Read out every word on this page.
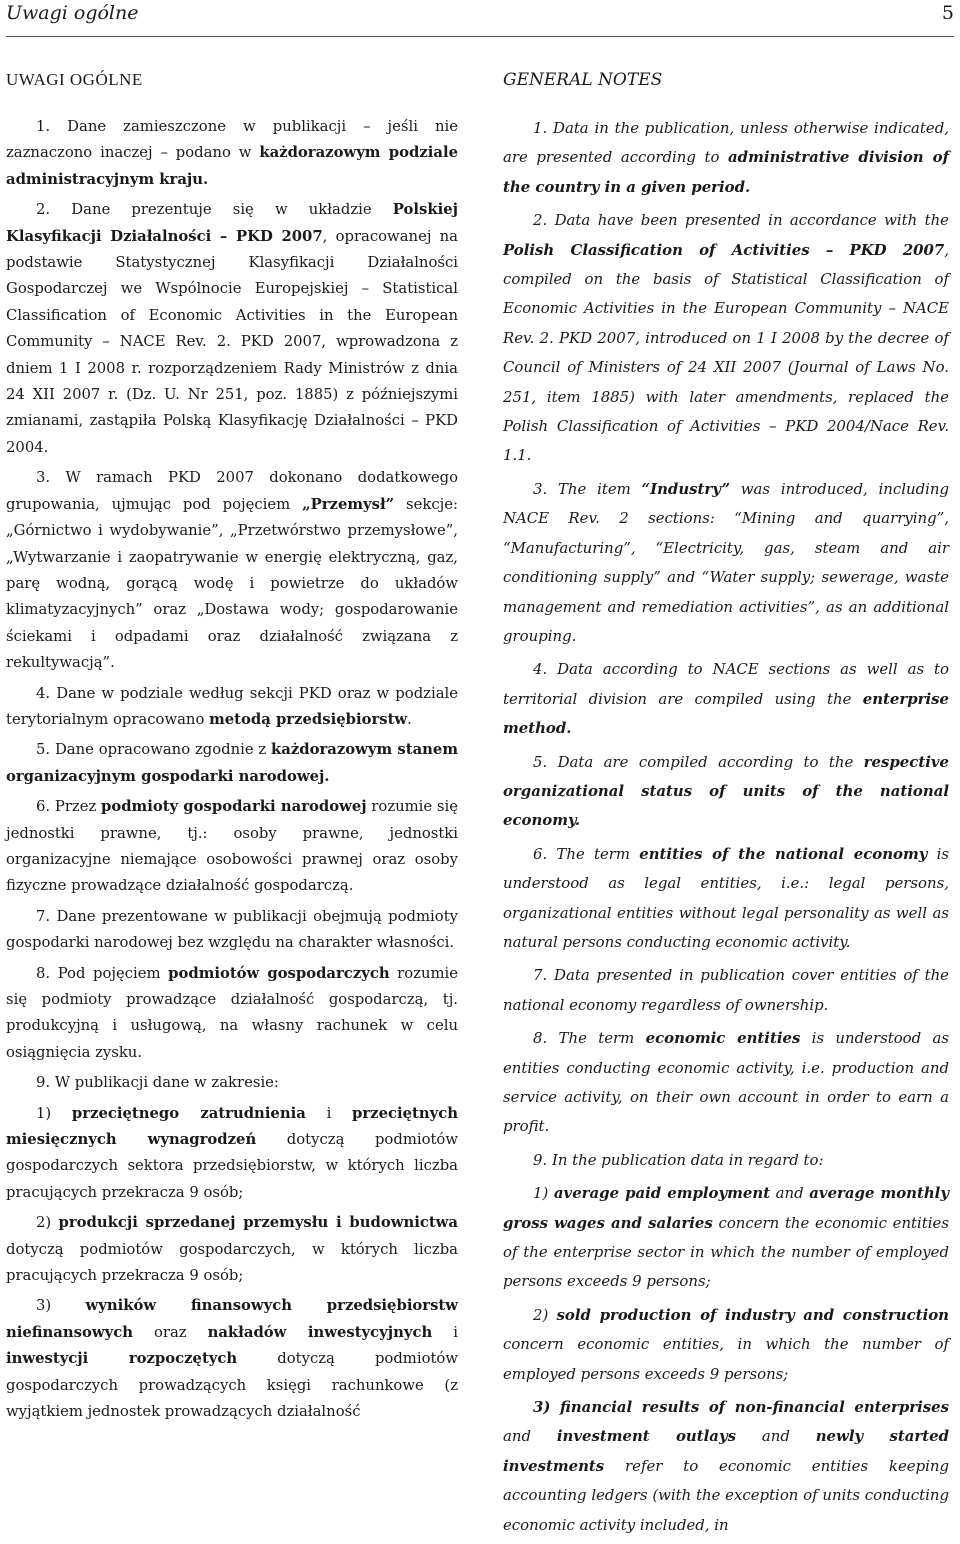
Uwagi ogólne	5
UWAGI OGÓLNE

1. Dane zamieszczone w publikacji – jeśli nie zaznaczono inaczej – podano w każdorazowym podziale administracyjnym kraju.

2. Dane prezentuje się w układzie Polskiej Klasyfikacji Działalności – PKD 2007, opracowanej na podstawie Statystycznej Klasyfikacji Działalności Gospodarczej we Wspólnocie Europejskiej – Statistical Classification of Economic Activities in the European Community – NACE Rev. 2. PKD 2007, wprowadzona z dniem 1 I 2008 r. rozporządzeniem Rady Ministrów z dnia 24 XII 2007 r. (Dz. U. Nr 251, poz. 1885) z późniejszymi zmianami, zastąpiła Polską Klasyfikację Działalności – PKD 2004.

3. W ramach PKD 2007 dokonano dodatkowego grupowania, ujmując pod pojęciem „Przemysł” sekcje: „Górnictwo i wydobywanie”, „Przetwórstwo przemysłowe”, „Wytwarzanie i zaopatrywanie w energię elektryczną, gaz, parę wodną, gorącą wodę i powietrze do układów klimatyzacyjnych” oraz „Dostawa wody; gospodarowanie ściekami i odpadami oraz działalność związana z rekultywacją”.

4. Dane w podziale według sekcji PKD oraz w podziale terytorialnym opracowano metodą przedsiębiorstw.

5. Dane opracowano zgodnie z każdorazowym stanem organizacyjnym gospodarki narodowej.

6. Przez podmioty gospodarki narodowej rozumie się jednostki prawne, tj.: osoby prawne, jednostki organizacyjne niemające osobowości prawnej oraz osoby fizyczne prowadzące działalność gospodarczą.

7. Dane prezentowane w publikacji obejmują podmioty gospodarki narodowej bez względu na charakter własności.

8. Pod pojęciem podmiotów gospodarczych rozumie się podmioty prowadzące działalność gospodarczą, tj. produkcyjną i usługową, na własny rachunek w celu osiągnięcia zysku.

9. W publikacji dane w zakresie:

1) przeciętnego zatrudnienia i przeciętnych miesięcznych wynagrodzeń dotyczą podmiotów gospodarczych sektora przedsiębiorstw, w których liczba pracujących przekracza 9 osób;

2) produkcji sprzedanej przemysłu i budownictwa dotyczą podmiotów gospodarczych, w których liczba pracujących przekracza 9 osób;

3) wyników finansowych przedsiębiorstw niefinansowych oraz nakładów inwestycyjnych i inwestycji rozpoczętych dotyczą podmiotów gospodarczych prowadzących księgi rachunkowe (z wyjątkiem jednostek prowadzących działalność

GENERAL NOTES

1. Data in the publication, unless otherwise indicated, are presented according to administrative division of the country in a given period.

2. Data have been presented in accordance with the Polish Classification of Activities – PKD 2007, compiled on the basis of Statistical Classification of Economic Activities in the European Community – NACE Rev. 2. PKD 2007, introduced on 1 I 2008 by the decree of Council of Ministers of 24 XII 2007 (Journal of Laws No. 251, item 1885) with later amendments, replaced the Polish Classification of Activities – PKD 2004/Nace Rev. 1.1.

3. The item “Industry” was introduced, including NACE Rev. 2 sections: “Mining and quarrying”, “Manufacturing”, “Electricity, gas, steam and air conditioning supply” and “Water supply; sewerage, waste management and remediation activities”, as an additional grouping.

4. Data according to NACE sections as well as to territorial division are compiled using the enterprise method.

5. Data are compiled according to the respective organizational status of units of the national economy.

6. The term entities of the national economy is understood as legal entities, i.e.: legal persons, organizational entities without legal personality as well as natural persons conducting economic activity.

7. Data presented in publication cover entities of the national economy regardless of ownership.

8. The term economic entities is understood as entities conducting economic activity, i.e. production and service activity, on their own account in order to earn a profit.

9. In the publication data in regard to:

1) average paid employment and average monthly gross wages and salaries concern the economic entities of the enterprise sector in which the number of employed persons exceeds 9 persons;

2) sold production of industry and construction concern economic entities, in which the number of employed persons exceeds 9 persons;

3) financial results of non-financial enterprises and investment outlays and newly started investments refer to economic entities keeping accounting ledgers (with the exception of units conducting economic activity included, in
